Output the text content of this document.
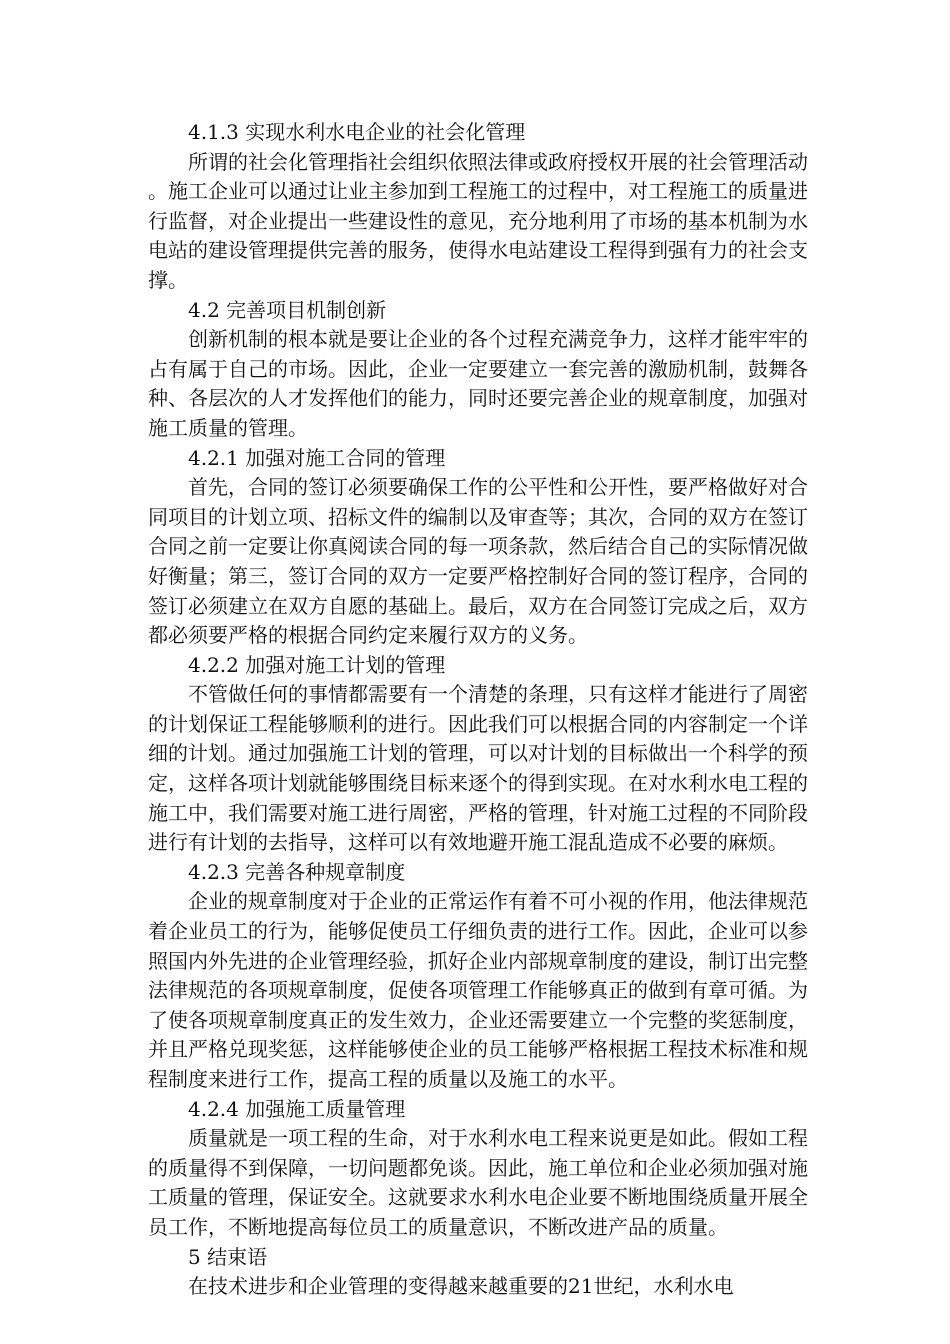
4.1.3 实现水利水电企业的社会化管理

所谓的社会化管理指社会组织依照法律或政府授权开展的社会管理活动。施工企业可以通过让业主参加到工程施工的过程中，对工程施工的质量进行监督，对企业提出一些建设性的意见，充分地利用了市场的基本机制为水电站的建设管理提供完善的服务，使得水电站建设工程得到强有力的社会支撑。

4.2 完善项目机制创新

创新机制的根本就是要让企业的各个过程充满竞争力，这样才能牢牢的占有属于自己的市场。因此，企业一定要建立一套完善的激励机制，鼓舞各种、各层次的人才发挥他们的能力，同时还要完善企业的规章制度，加强对施工质量的管理。

4.2.1 加强对施工合同的管理

首先，合同的签订必须要确保工作的公平性和公开性，要严格做好对合同项目的计划立项、招标文件的编制以及审查等；其次，合同的双方在签订合同之前一定要让你真阅读合同的每一项条款，然后结合自己的实际情况做好衡量；第三，签订合同的双方一定要严格控制好合同的签订程序，合同的签订必须建立在双方自愿的基础上。最后，双方在合同签订完成之后，双方都必须要严格的根据合同约定来履行双方的义务。

4.2.2 加强对施工计划的管理

不管做任何的事情都需要有一个清楚的条理，只有这样才能进行了周密的计划保证工程能够顺利的进行。因此我们可以根据合同的内容制定一个详细的计划。通过加强施工计划的管理，可以对计划的目标做出一个科学的预定，这样各项计划就能够围绕目标来逐个的得到实现。在对水利水电工程的施工中，我们需要对施工进行周密，严格的管理，针对施工过程的不同阶段进行有计划的去指导，这样可以有效地避开施工混乱造成不必要的麻烦。

4.2.3 完善各种规章制度

企业的规章制度对于企业的正常运作有着不可小视的作用，他法律规范着企业员工的行为，能够促使员工仔细负责的进行工作。因此，企业可以参照国内外先进的企业管理经验，抓好企业内部规章制度的建设，制订出完整法律规范的各项规章制度，促使各项管理工作能够真正的做到有章可循。为了使各项规章制度真正的发生效力，企业还需要建立一个完整的奖惩制度，并且严格兑现奖惩，这样能够使企业的员工能够严格根据工程技术标准和规程制度来进行工作，提高工程的质量以及施工的水平。

4.2.4 加强施工质量管理

质量就是一项工程的生命，对于水利水电工程来说更是如此。假如工程的质量得不到保障，一切问题都免谈。因此，施工单位和企业必须加强对施工质量的管理，保证安全。这就要求水利水电企业要不断地围绕质量开展全员工作，不断地提高每位员工的质量意识，不断改进产品的质量。

5 结束语

在技术进步和企业管理的变得越来越重要的21世纪，水利水电
